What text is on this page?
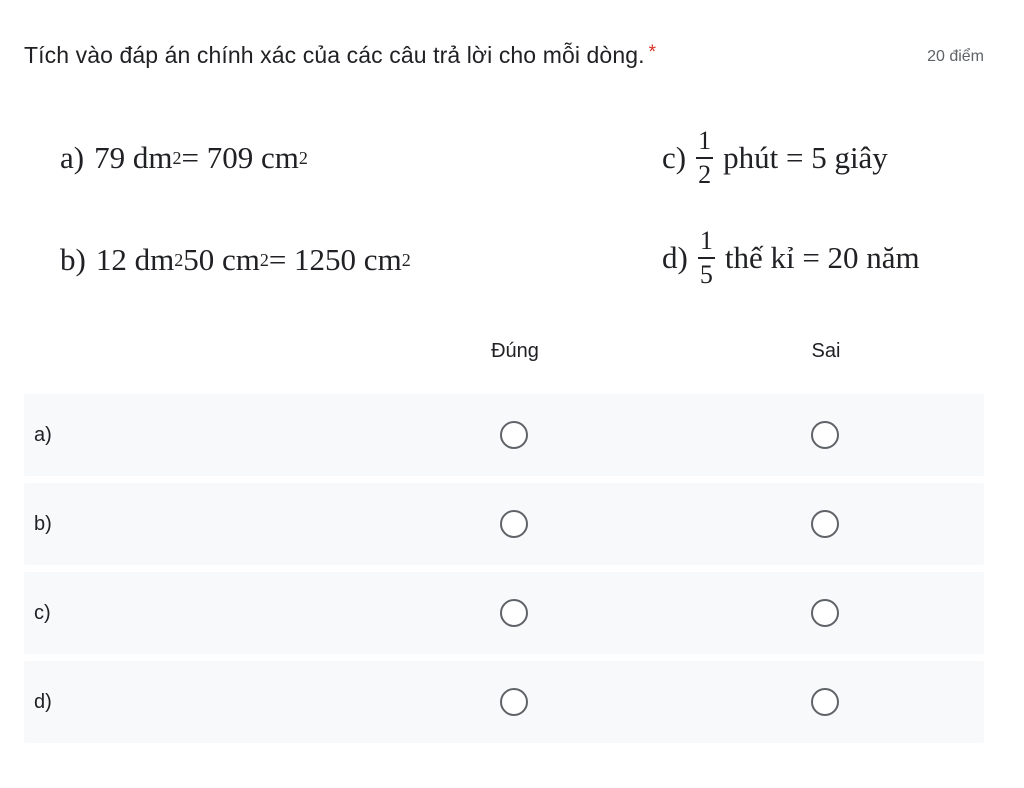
Tích vào đáp án chính xác của các câu trả lời cho mỗi dòng. *	20 điểm
a) 79 dm 2 = 709 cm 2
b) 12 dm 2 50 cm 2 = 1250 cm 2
$c) \frac{1}{2}$ phút = 5 giây
$d) \frac{1}{5}$ thế kỉ = 20 năm
Đúng	Sai
a)
b)
c)
d)
